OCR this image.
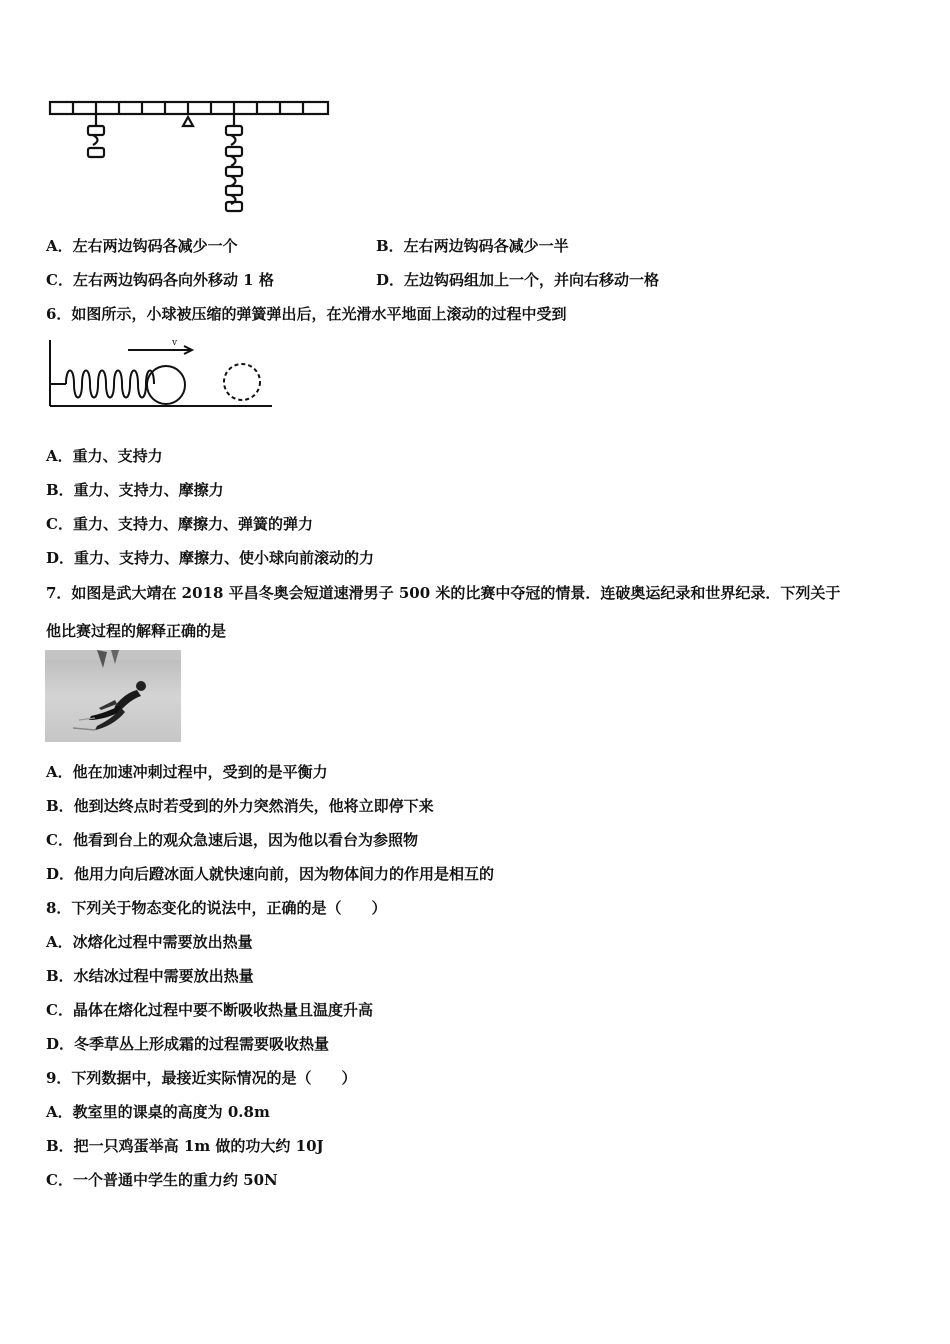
A．左右两边钩码各减少一个	B．左右两边钩码各减少一半
C．左右两边钩码各向外移动 1 格	D．左边钩码组加上一个，并向右移动一格
6．如图所示，小球被压缩的弹簧弹出后，在光滑水平地面上滚动的过程中受到
v
A．重力、支持力
B．重力、支持力、摩擦力
C．重力、支持力、摩擦力、弹簧的弹力
D．重力、支持力、摩擦力、使小球向前滚动的力
7．如图是武大靖在 2018 平昌冬奥会短道速滑男子 500 米的比赛中夺冠的情景．连破奥运纪录和世界纪录．下列关于
他比赛过程的解释正确的是
A．他在加速冲刺过程中，受到的是平衡力
B．他到达终点时若受到的外力突然消失，他将立即停下来
C．他看到台上的观众急速后退，因为他以看台为参照物
D．他用力向后蹬冰面人就快速向前，因为物体间力的作用是相互的
8．下列关于物态变化的说法中，正确的是（　　）
A．冰熔化过程中需要放出热量
B．水结冰过程中需要放出热量
C．晶体在熔化过程中要不断吸收热量且温度升高
D．冬季草丛上形成霜的过程需要吸收热量
9．下列数据中，最接近实际情况的是（　　）
A．教室里的课桌的高度为 0.8m
B．把一只鸡蛋举高 1m 做的功大约 10J
C．一个普通中学生的重力约 50N
